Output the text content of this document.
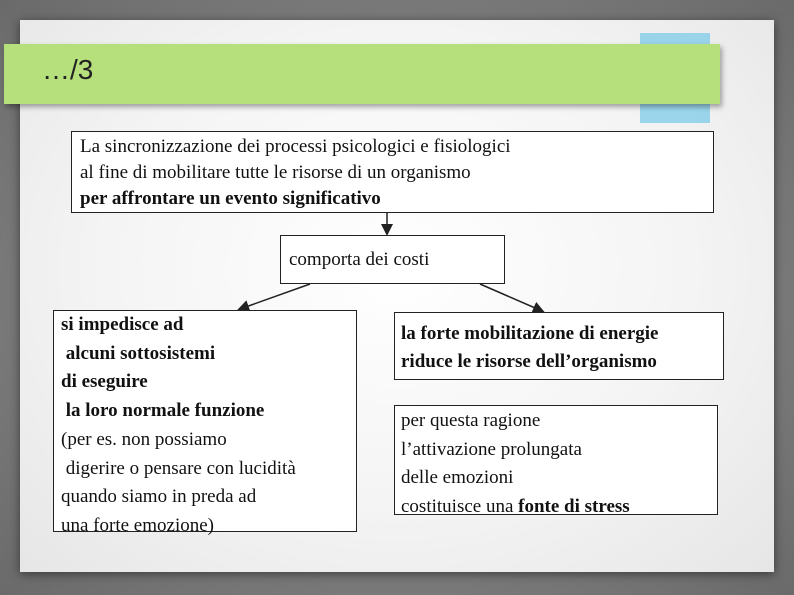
…/3
La sincronizzazione dei processi psicologici e fisiologici
al fine di mobilitare tutte le risorse di un organismo
per affrontare un evento significativo
comporta dei costi
si impedisce ad
alcuni sottosistemi
di eseguire
la loro normale funzione
(per es. non possiamo
digerire o pensare con lucidità
quando siamo in preda ad
una forte emozione)
la forte mobilitazione di energie
riduce le risorse dell’organismo
per questa ragione
l’attivazione prolungata
delle emozioni
costituisce una fonte di stress
